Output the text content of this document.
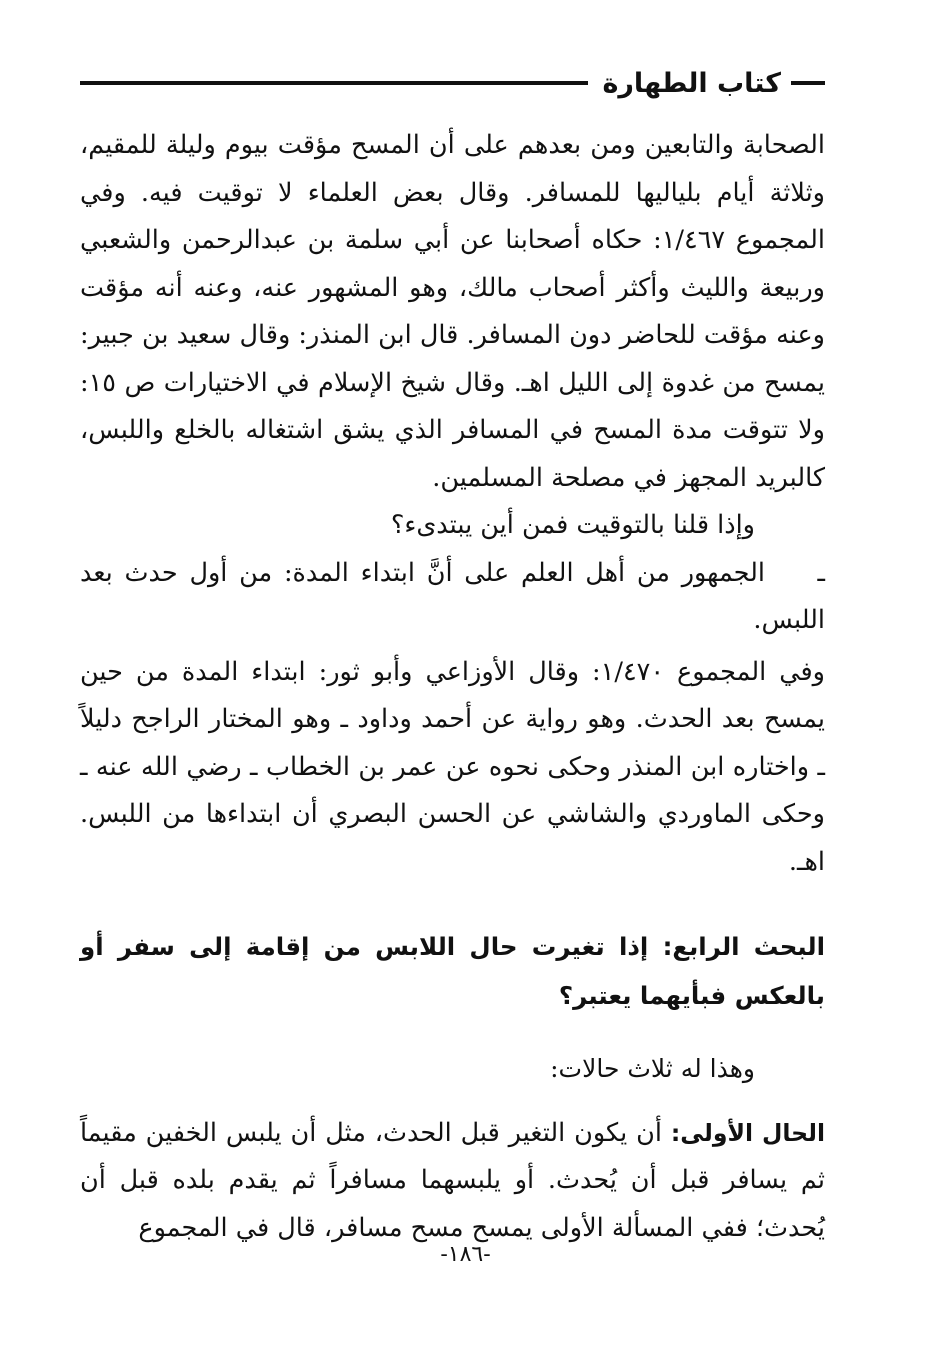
كتاب الطهارة

الصحابة والتابعين ومن بعدهم على أن المسح مؤقت بيوم وليلة للمقيم، وثلاثة أيام بلياليها للمسافر. وقال بعض العلماء لا توقيت فيه. وفي المجموع ١/٤٦٧: حكاه أصحابنا عن أبي سلمة بن عبدالرحمن والشعبي وربيعة والليث وأكثر أصحاب مالك، وهو المشهور عنه، وعنه أنه مؤقت وعنه مؤقت للحاضر دون المسافر. قال ابن المنذر: وقال سعيد بن جبير: يمسح من غدوة إلى الليل اهـ. وقال شيخ الإسلام في الاختيارات ص ١٥: ولا تتوقت مدة المسح في المسافر الذي يشق اشتغاله بالخلع واللبس، كالبريد المجهز في مصلحة المسلمين.

وإذا قلنا بالتوقيت فمن أين يبتدىء؟

ـالجمهور من أهل العلم على أنَّ ابتداء المدة: من أول حدث بعد اللبس.

وفي المجموع ١/٤٧٠: وقال الأوزاعي وأبو ثور: ابتداء المدة من حين يمسح بعد الحدث. وهو رواية عن أحمد وداود ـ وهو المختار الراجح دليلاً ـ واختاره ابن المنذر وحكى نحوه عن عمر بن الخطاب ـ رضي الله عنه ـ وحكى الماوردي والشاشي عن الحسن البصري أن ابتداءها من اللبس. اهـ.

البحث الرابع: إذا تغيرت حال اللابس من إقامة إلى سفر أو بالعكس فبأيهما يعتبر؟

وهذا له ثلاث حالات:

الحال الأولى: أن يكون التغير قبل الحدث، مثل أن يلبس الخفين مقيماً ثم يسافر قبل أن يُحدث. أو يلبسهما مسافراً ثم يقدم بلده قبل أن يُحدث؛ ففي المسألة الأولى يمسح مسح مسافر، قال في المجموع

-١٨٦-
